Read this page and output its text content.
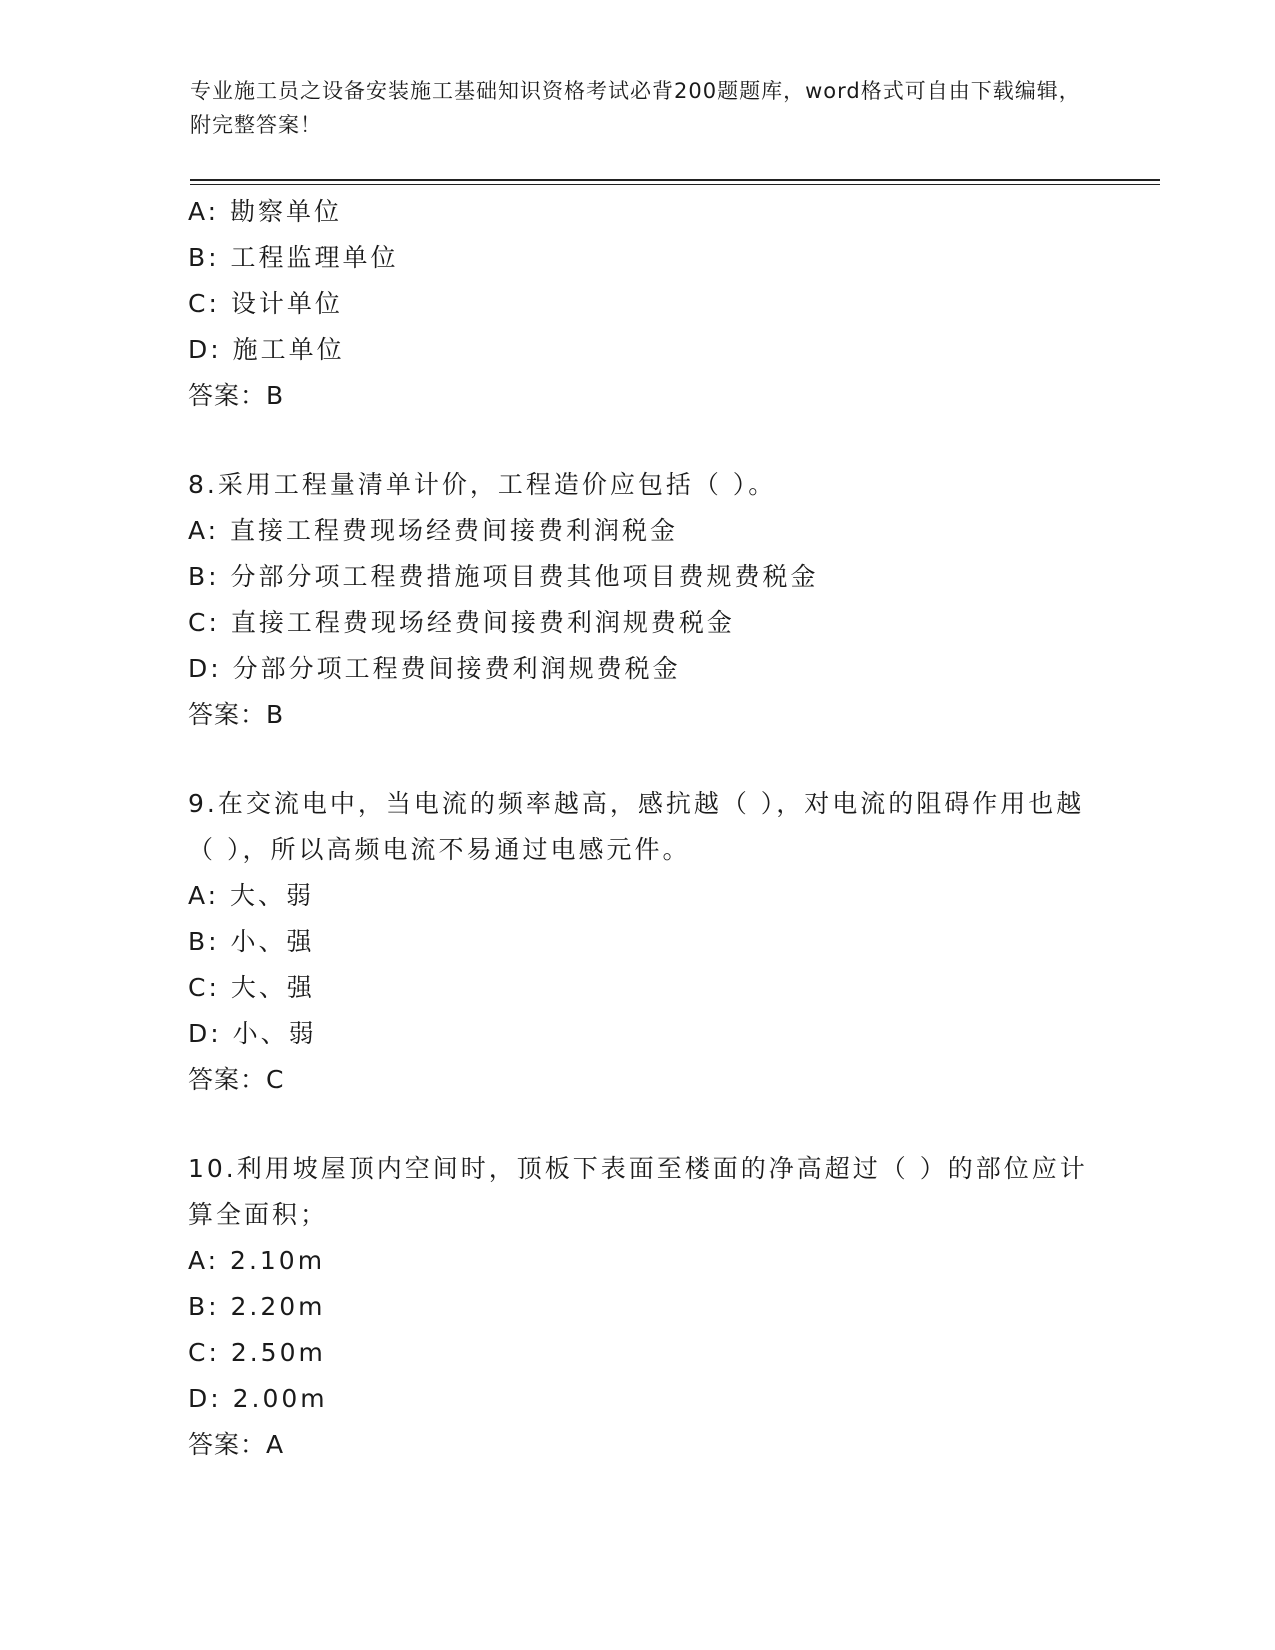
专业施工员之设备安装施工基础知识资格考试必背200题题库，word格式可自由下载编辑，附完整答案！
A: 勘察单位
B: 工程监理单位
C: 设计单位
D: 施工单位
答案：B
8.采用工程量清单计价，工程造价应包括（ ）。
A: 直接工程费现场经费间接费利润税金
B: 分部分项工程费措施项目费其他项目费规费税金
C: 直接工程费现场经费间接费利润规费税金
D: 分部分项工程费间接费利润规费税金
答案：B
9.在交流电中，当电流的频率越高，感抗越（ ），对电流的阻碍作用也越（ ），所以高频电流不易通过电感元件。
A: 大、弱
B: 小、强
C: 大、强
D: 小、弱
答案：C
10.利用坡屋顶内空间时，顶板下表面至楼面的净高超过（ ）的部位应计算全面积；
A: 2.10m
B: 2.20m
C: 2.50m
D: 2.00m
答案：A
